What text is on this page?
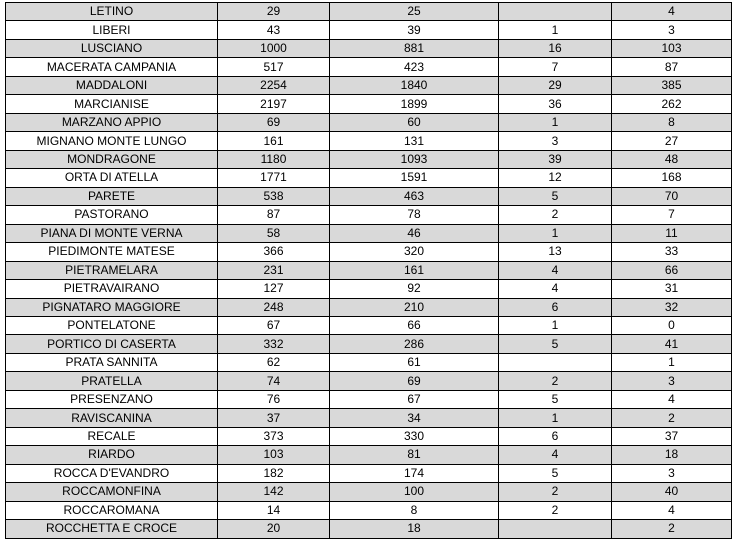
LETINO	29	25		4
LIBERI	43	39	1	3
LUSCIANO	1000	881	16	103
MACERATA CAMPANIA	517	423	7	87
MADDALONI	2254	1840	29	385
MARCIANISE	2197	1899	36	262
MARZANO APPIO	69	60	1	8
MIGNANO MONTE LUNGO	161	131	3	27
MONDRAGONE	1180	1093	39	48
ORTA DI ATELLA	1771	1591	12	168
PARETE	538	463	5	70
PASTORANO	87	78	2	7
PIANA DI MONTE VERNA	58	46	1	11
PIEDIMONTE MATESE	366	320	13	33
PIETRAMELARA	231	161	4	66
PIETRAVAIRANO	127	92	4	31
PIGNATARO MAGGIORE	248	210	6	32
PONTELATONE	67	66	1	0
PORTICO DI CASERTA	332	286	5	41
PRATA SANNITA	62	61		1
PRATELLA	74	69	2	3
PRESENZANO	76	67	5	4
RAVISCANINA	37	34	1	2
RECALE	373	330	6	37
RIARDO	103	81	4	18
ROCCA D'EVANDRO	182	174	5	3
ROCCAMONFINA	142	100	2	40
ROCCAROMANA	14	8	2	4
ROCCHETTA E CROCE	20	18		2
